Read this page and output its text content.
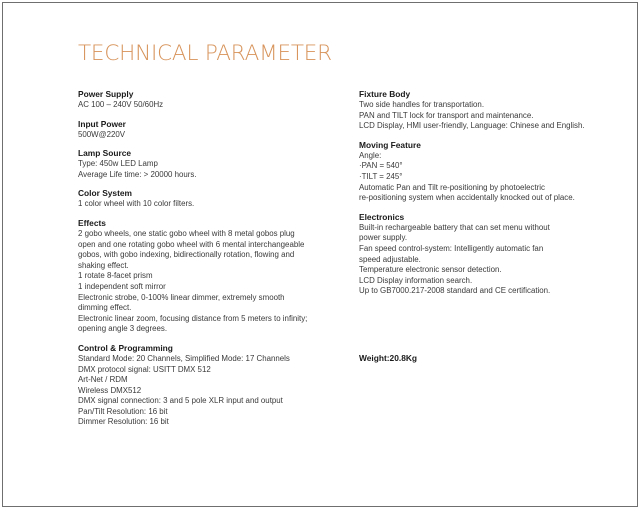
TECHNICAL PARAMETER
Power Supply
AC 100 – 240V 50/60Hz
Input Power
500W@220V
Lamp Source
Type: 450w LED Lamp
Average Life time: > 20000 hours.
Color System
1 color wheel with 10 color filters.
Effects
2 gobo wheels, one static gobo wheel with 8 metal gobos plug
open and one rotating gobo wheel with 6 mental interchangeable
gobos, with gobo indexing, bidirectionally rotation, flowing and
shaking effect.
1 rotate 8-facet prism
1 independent soft mirror
Electronic strobe, 0-100% linear dimmer, extremely smooth
dimming effect.
Electronic linear zoom, focusing distance from 5 meters to infinity;
opening angle 3 degrees.
Control & Programming
Standard Mode: 20 Channels, Simplified Mode: 17 Channels
DMX protocol signal: USITT DMX 512
Art-Net / RDM
Wireless DMX512
DMX signal connection: 3 and 5 pole XLR input and output
Pan/Tilt Resolution: 16 bit
Dimmer Resolution: 16 bit
Fixture Body
Two side handles for transportation.
PAN and TILT lock for transport and maintenance.
LCD Display, HMI user-friendly, Language: Chinese and English.
Moving Feature
Angle:
·PAN = 540°
·TILT = 245°
Automatic Pan and Tilt re-positioning by photoelectric
re-positioning system when accidentally knocked out of place.
Electronics
Built-in rechargeable battery that can set menu without
power supply.
Fan speed control-system: Intelligently automatic fan
speed adjustable.
Temperature electronic sensor detection.
LCD Display information search.
Up to GB7000.217-2008 standard and CE certification.
Weight:20.8Kg
